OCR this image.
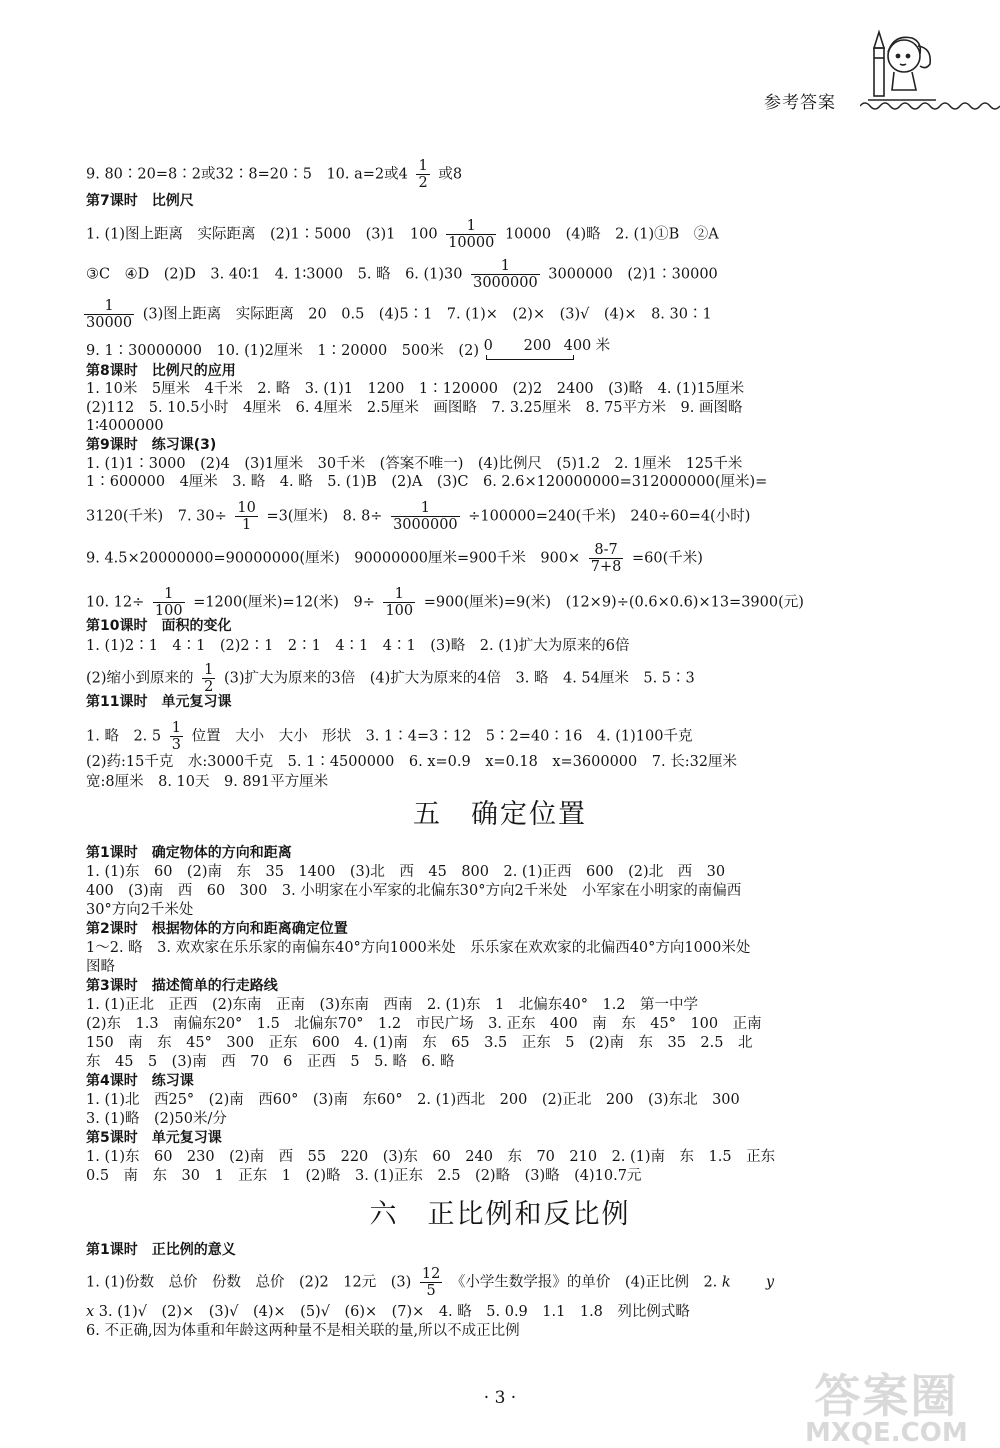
参考答案
9. 80∶20=8∶2或32∶8=20∶5　10. a=2或$4 \frac{1}{2}$ 或8
第7课时　比例尺
1. (1)图上距离　实际距离　(2)1∶5000　(3)1　$100 \frac{1}{10000} 10000$　(4)略　2. (1)①B　②A
③C　④D　(2)D　3. 40∶1　4. 1∶3000　5. 略　6. $(1)30 \frac{1}{3000000} 3000000$　(2)1∶30000
$\frac{1}{30000} (3)$图上距离　实际距离　20　0.5　(4)5∶1　7. (1)×　(2)×　(3)√　(4)×　8. 30∶1
9. 1∶30000000　10. (1)2厘米　1∶20000　500米　(2) 0 200 400 米
第8课时　比例尺的应用
1. 10米　5厘米　4千米　2. 略　3. (1)1　1200　1∶120000　(2)2　2400　(3)略　4. (1)15厘米
(2)112　5. 10.5小时　4厘米　6. 4厘米　2.5厘米　画图略　7. 3.25厘米　8. 75平方米　9. 画图略
1∶4000000
第9课时　练习课(3)
1. (1)1∶3000　(2)4　(3)1厘米　30千米　(答案不唯一)　(4)比例尺　(5)1.2　2. 1厘米　125千米
1∶600000　4厘米　3. 略　4. 略　5. (1)B　(2)A　(3)C　6. 2.6×120000000=312000000(厘米)=
3120(千米)　7. $30\div \frac{10}{1} =3$(厘米)　8. $8\div \frac{1}{3000000} \div 100000=240$(千米)　240÷60=4(小时)
9. 4.5×20000000=90000000(厘米)　90000000厘米=900千米　$900\times \frac{8-7}{7+8} =60$(千米)
10. $12\div \frac{1}{100} =1200$(厘米)=12(米)　$9\div \frac{1}{100} =900$(厘米)=9(米)　(12×9)÷(0.6×0.6)×13=3900(元)
第10课时　面积的变化
1. (1)2∶1　4∶1　(2)2∶1　2∶1　4∶1　4∶1　(3)略　2. (1)扩大为原来的6倍
(2)缩小到原来的 $\frac{1}{2} (3)$扩大为原来的3倍　(4)扩大为原来的4倍　3. 略　4. 54厘米　5. 5∶3
第11课时　单元复习课
1. 略　2. $5 \frac{1}{3}$ 位置　大小　大小　形状　3. 1∶4=3∶12　5∶2=40∶16　4. (1)100千克
(2)药:15千克　水:3000千克　5. 1∶4500000　6. x=0.9　x=0.18　x=3600000　7. 长:32厘米
宽:8厘米　8. 10天　9. 891平方厘米
五　确定位置
第1课时　确定物体的方向和距离
1. (1)东　60　(2)南　东　35　1400　(3)北　西　45　800　2. (1)正西　600　(2)北　西　30
400　(3)南　西　60　300　3. 小明家在小军家的北偏东30°方向2千米处　小军家在小明家的南偏西
30°方向2千米处
第2课时　根据物体的方向和距离确定位置
1～2. 略　3. 欢欢家在乐乐家的南偏东40°方向1000米处　乐乐家在欢欢家的北偏西40°方向1000米处
图略
第3课时　描述简单的行走路线
1. (1)正北　正西　(2)东南　正南　(3)东南　西南　2. (1)东　1　北偏东40°　1.2　第一中学
(2)东　1.3　南偏东20°　1.5　北偏东70°　1.2　市民广场　3. 正东　400　南　东　45°　100　正南
150　南　东　45°　300　正东　600　4. (1)南　东　65　3.5　正东　5　(2)南　东　35　2.5　北
东　45　5　(3)南　西　70　6　正西　5　5. 略　6. 略
第4课时　练习课
1. (1)北　西25°　(2)南　西60°　(3)南　东60°　2. (1)西北　200　(2)正北　200　(3)东北　300
3. (1)略　(2)50米/分
第5课时　单元复习课
1. (1)东　60　230　(2)南　西　55　220　(3)东　60　240　东　70　210　2. (1)南　东　1.5　正东
0.5　南　东　30　1　正东　1　(2)略　3. (1)正东　2.5　(2)略　(3)略　(4)10.7元
六　正比例和反比例
第1课时　正比例的意义
1. (1)份数　总价　份数　总价　(2)2　12元　$(3) \frac{12}{5}$ 《小学生数学报》的单价　(4)正比例　2. k y
x 3. (1)√　(2)×　(3)√　(4)×　(5)√　(6)×　(7)×　4. 略　5. 0.9　1.1　1.8　列比例式略
6. 不正确,因为体重和年龄这两种量不是相关联的量,所以不成正比例
· 3 ·	答案圈
MXQE.COM
